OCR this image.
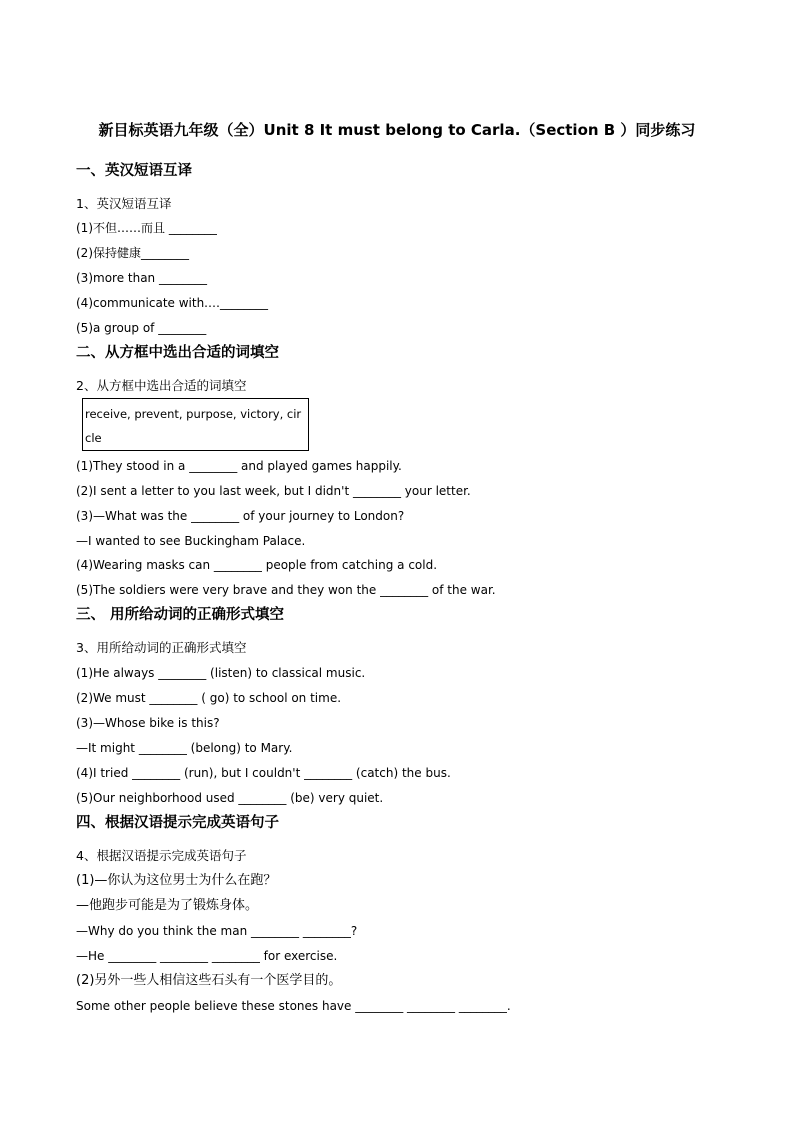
新目标英语九年级（全）Unit 8 It must belong to Carla.（Section B ）同步练习
一、英汉短语互译
1、英汉短语互译
(1)不但……而且 ________
(2)保持健康________
(3)more than ________
(4)communicate with.…________
(5)a group of ________
二、从方框中选出合适的词填空
2、从方框中选出合适的词填空
receive, prevent, purpose, victory, circle
(1)They stood in a ________ and played games happily.
(2)I sent a letter to you last week, but I didn't ________ your letter.
(3)—What was the ________ of your journey to London?
—I wanted to see Buckingham Palace.
(4)Wearing masks can ________ people from catching a cold.
(5)The soldiers were very brave and they won the ________ of the war.
三、 用所给动词的正确形式填空
3、用所给动词的正确形式填空
(1)He always ________ (listen) to classical music.
(2)We must ________ ( go) to school on time.
(3)—Whose bike is this?
—It might ________ (belong) to Mary.
(4)I tried ________ (run), but I couldn't ________ (catch) the bus.
(5)Our neighborhood used ________ (be) very quiet.
四、根据汉语提示完成英语句子
4、根据汉语提示完成英语句子
(1)—你认为这位男士为什么在跑？
—他跑步可能是为了锻炼身体。
—Why do you think the man ________ ________?
—He ________ ________ ________ for exercise.
(2)另外一些人相信这些石头有一个医学目的。
Some other people believe these stones have ________ ________ ________.
